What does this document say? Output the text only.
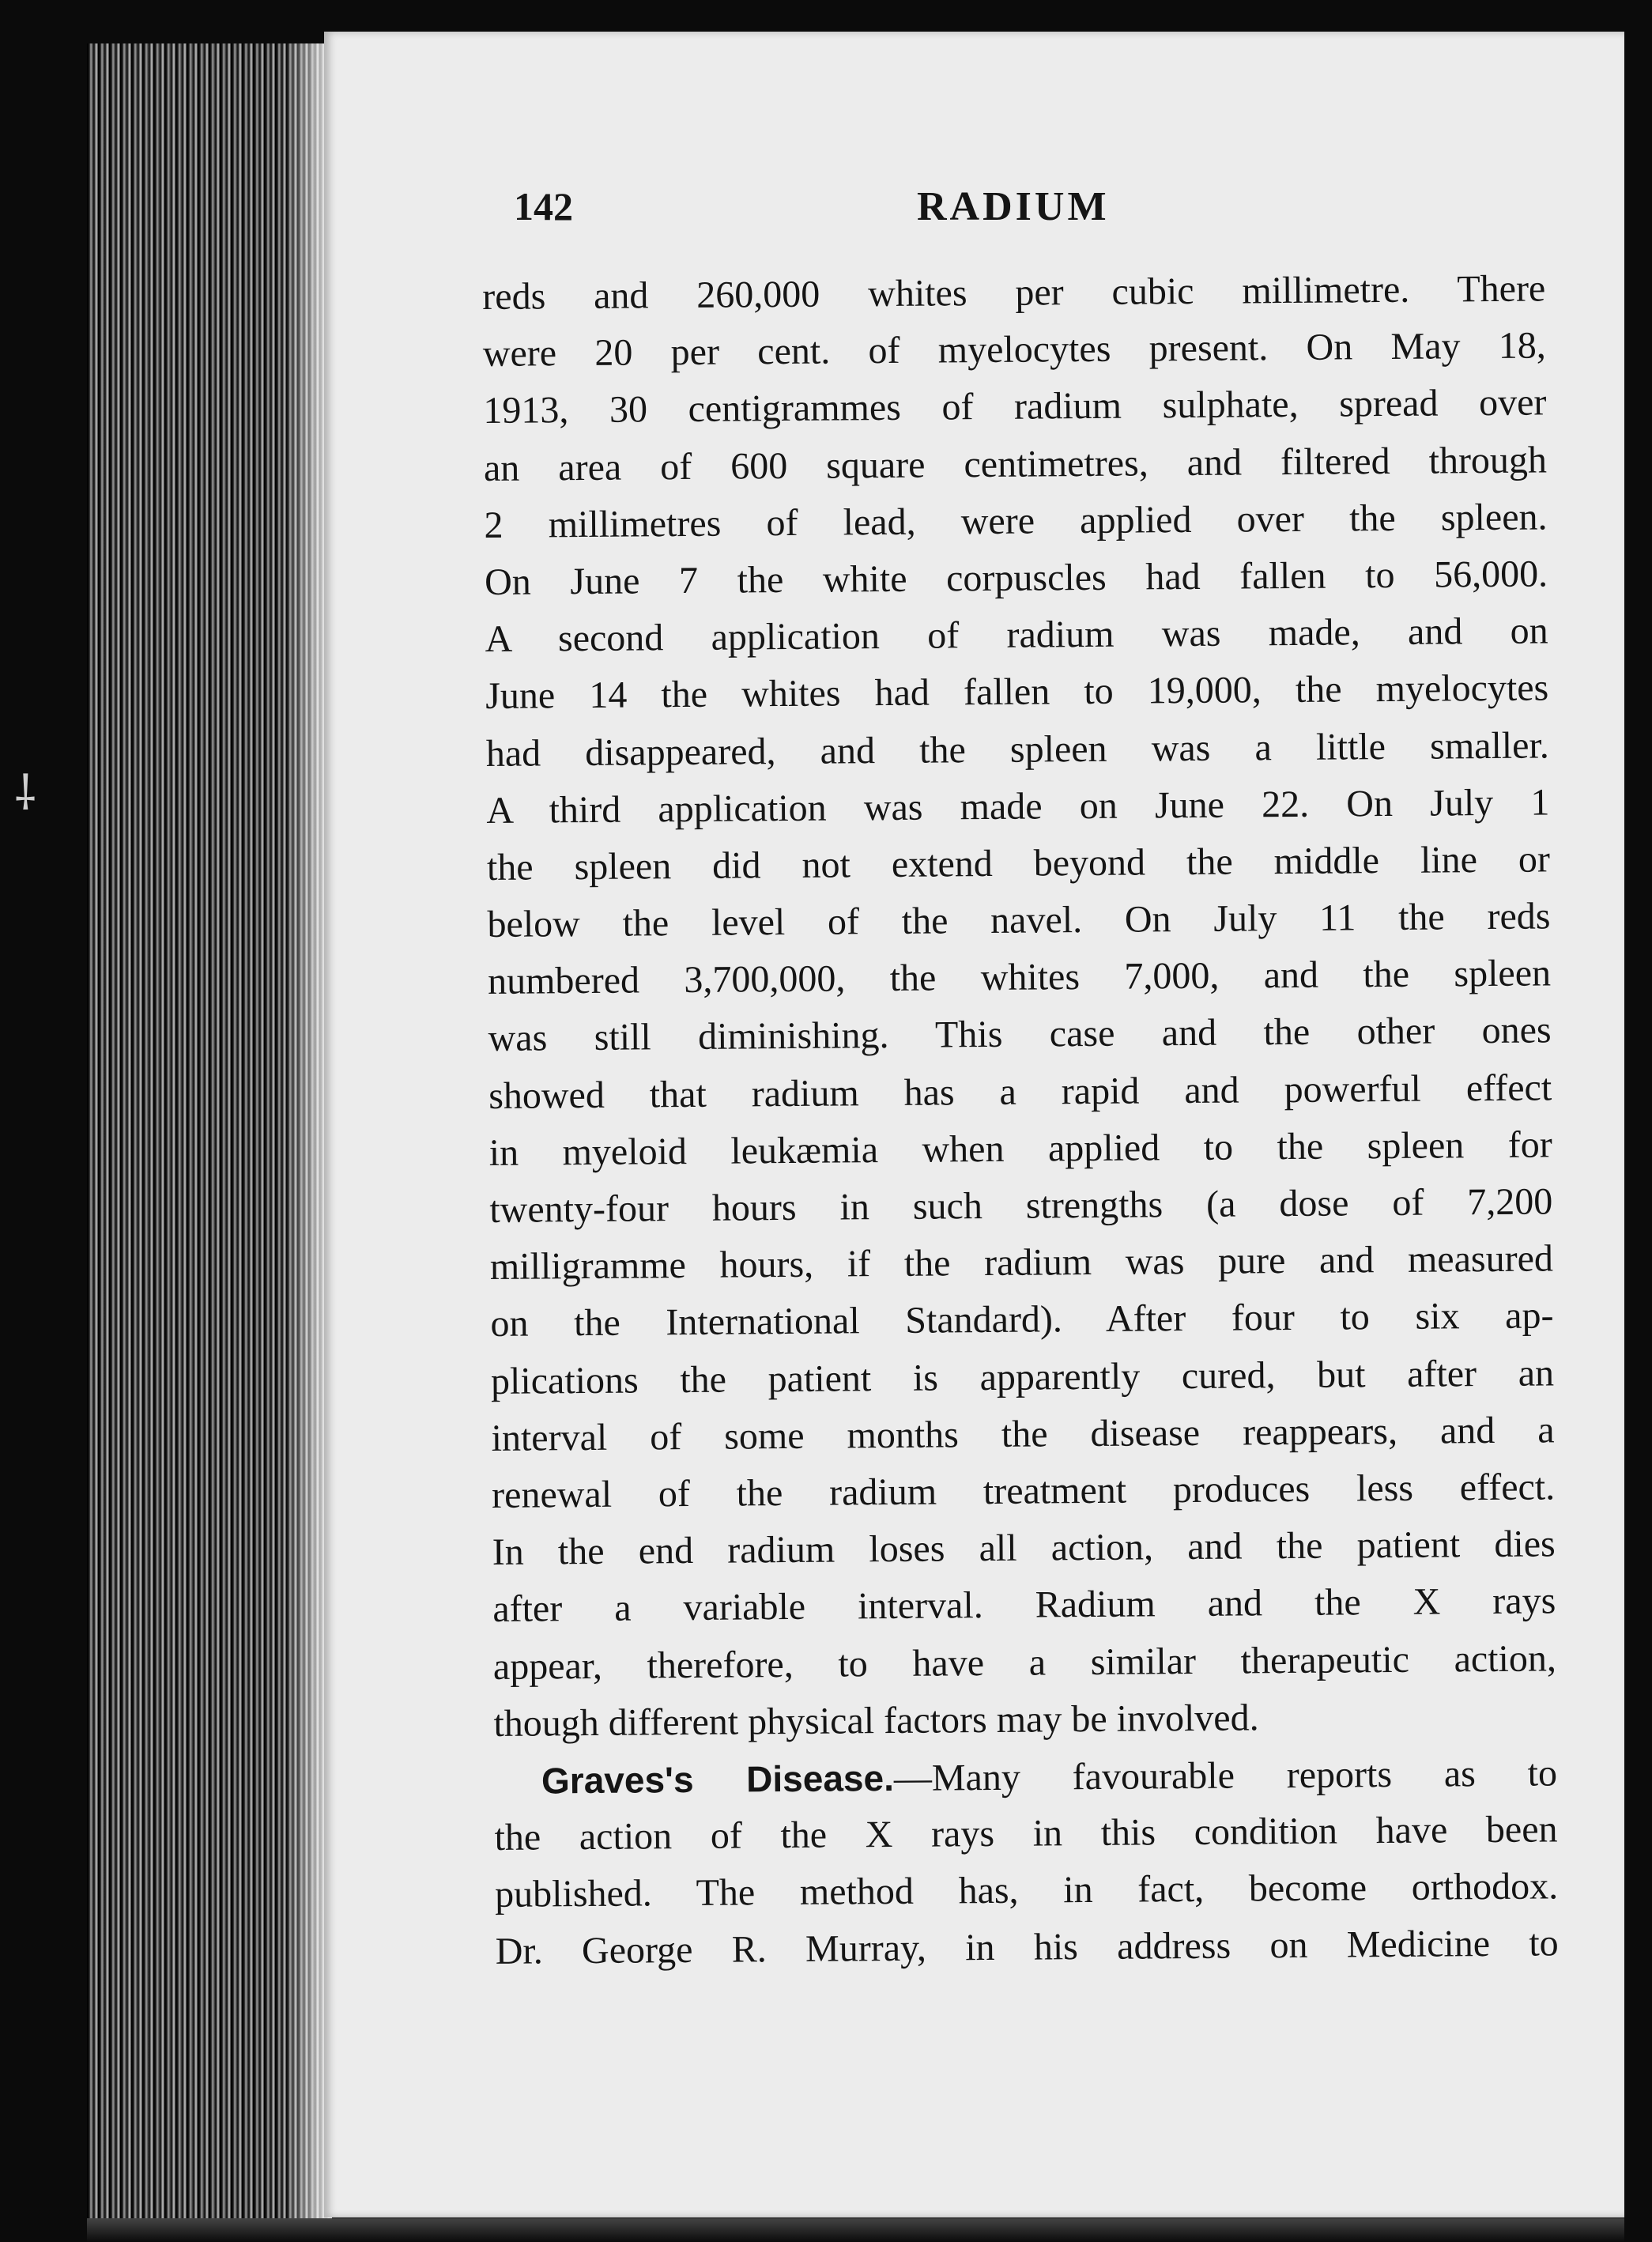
⸸
142	RADIUM
reds and 260,000 whites per cubic millimetre. There
were 20 per cent. of myelocytes present. On May 18,
1913, 30 centigrammes of radium sulphate, spread over
an area of 600 square centimetres, and filtered through
2 millimetres of lead, were applied over the spleen.
On June 7 the white corpuscles had fallen to 56,000.
A second application of radium was made, and on
June 14 the whites had fallen to 19,000, the myelocytes
had disappeared, and the spleen was a little smaller.
A third application was made on June 22. On July 1
the spleen did not extend beyond the middle line or
below the level of the navel. On July 11 the reds
numbered 3,700,000, the whites 7,000, and the spleen
was still diminishing. This case and the other ones
showed that radium has a rapid and powerful effect
in myeloid leukæmia when applied to the spleen for
twenty-four hours in such strengths (a dose of 7,200
milligramme hours, if the radium was pure and measured
on the International Standard). After four to six ap-
plications the patient is apparently cured, but after an
interval of some months the disease reappears, and a
renewal of the radium treatment produces less effect.
In the end radium loses all action, and the patient dies
after a variable interval. Radium and the X rays
appear, therefore, to have a similar therapeutic action,
though different physical factors may be involved.
Graves's Disease.—Many favourable reports as to
the action of the X rays in this condition have been
published. The method has, in fact, become orthodox.
Dr. George R. Murray, in his address on Medicine to
